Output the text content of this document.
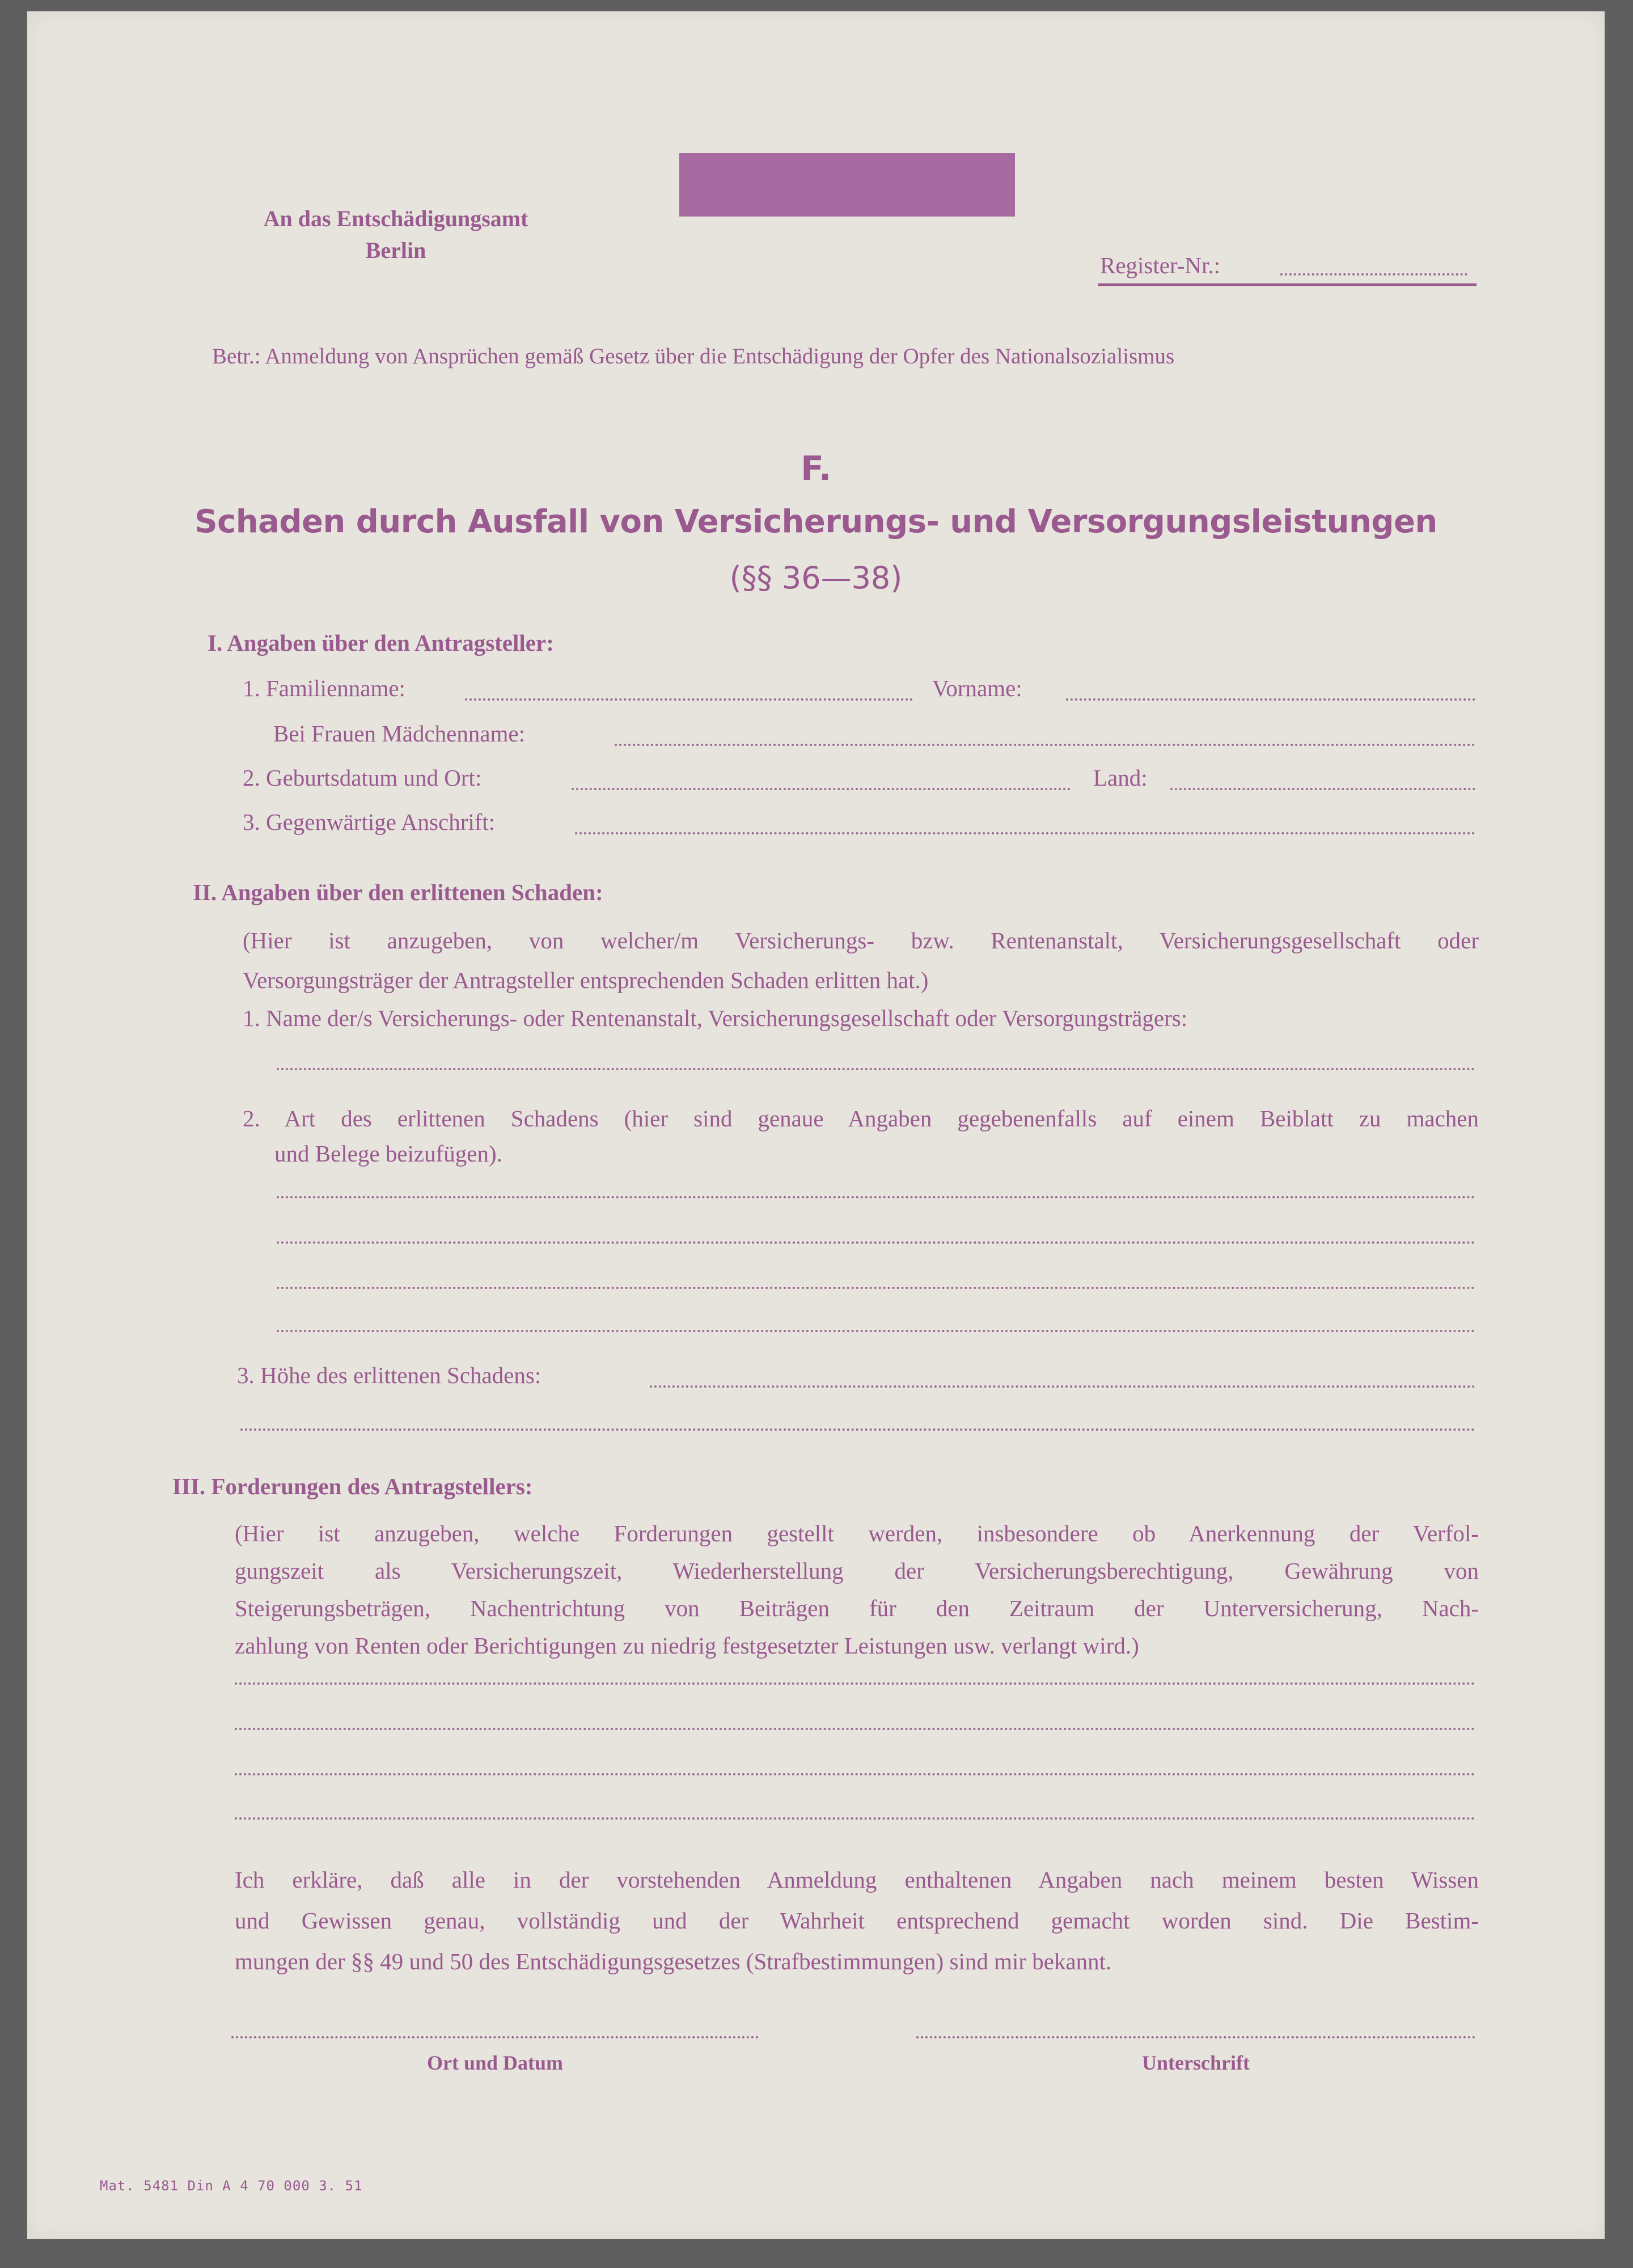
An das Entschädigungsamt
Berlin
Register-Nr.:
Betr.: Anmeldung von Ansprüchen gemäß Gesetz über die Entschädigung der Opfer des Nationalsozialismus
F.
Schaden durch Ausfall von Versicherungs- und Versorgungsleistungen
(§§ 36—38)
I. Angaben über den Antragsteller:
1. Familienname:	Vorname:
Bei Frauen Mädchenname:
2. Geburtsdatum und Ort:	Land:
3. Gegenwärtige Anschrift:
II. Angaben über den erlittenen Schaden:
(Hier ist anzugeben, von welcher/m Versicherungs- bzw. Rentenanstalt, Versicherungsgesellschaft oder
Versorgungsträger der Antragsteller entsprechenden Schaden erlitten hat.)
1. Name der/s Versicherungs- oder Rentenanstalt, Versicherungsgesellschaft oder Versorgungsträgers:
2. Art des erlittenen Schadens (hier sind genaue Angaben gegebenenfalls auf einem Beiblatt zu machen
und Belege beizufügen).
3. Höhe des erlittenen Schadens:
III. Forderungen des Antragstellers:
(Hier ist anzugeben, welche Forderungen gestellt werden, insbesondere ob Anerkennung der Verfol-
gungszeit als Versicherungszeit, Wiederherstellung der Versicherungsberechtigung, Gewährung von
Steigerungsbeträgen, Nachentrichtung von Beiträgen für den Zeitraum der Unterversicherung, Nach-
zahlung von Renten oder Berichtigungen zu niedrig festgesetzter Leistungen usw. verlangt wird.)
Ich erkläre, daß alle in der vorstehenden Anmeldung enthaltenen Angaben nach meinem besten Wissen
und Gewissen genau, vollständig und der Wahrheit entsprechend gemacht worden sind. Die Bestim-
mungen der §§ 49 und 50 des Entschädigungsgesetzes (Strafbestimmungen) sind mir bekannt.
Ort und Datum	Unterschrift
Mat. 5481 Din A 4 70 000 3. 51
